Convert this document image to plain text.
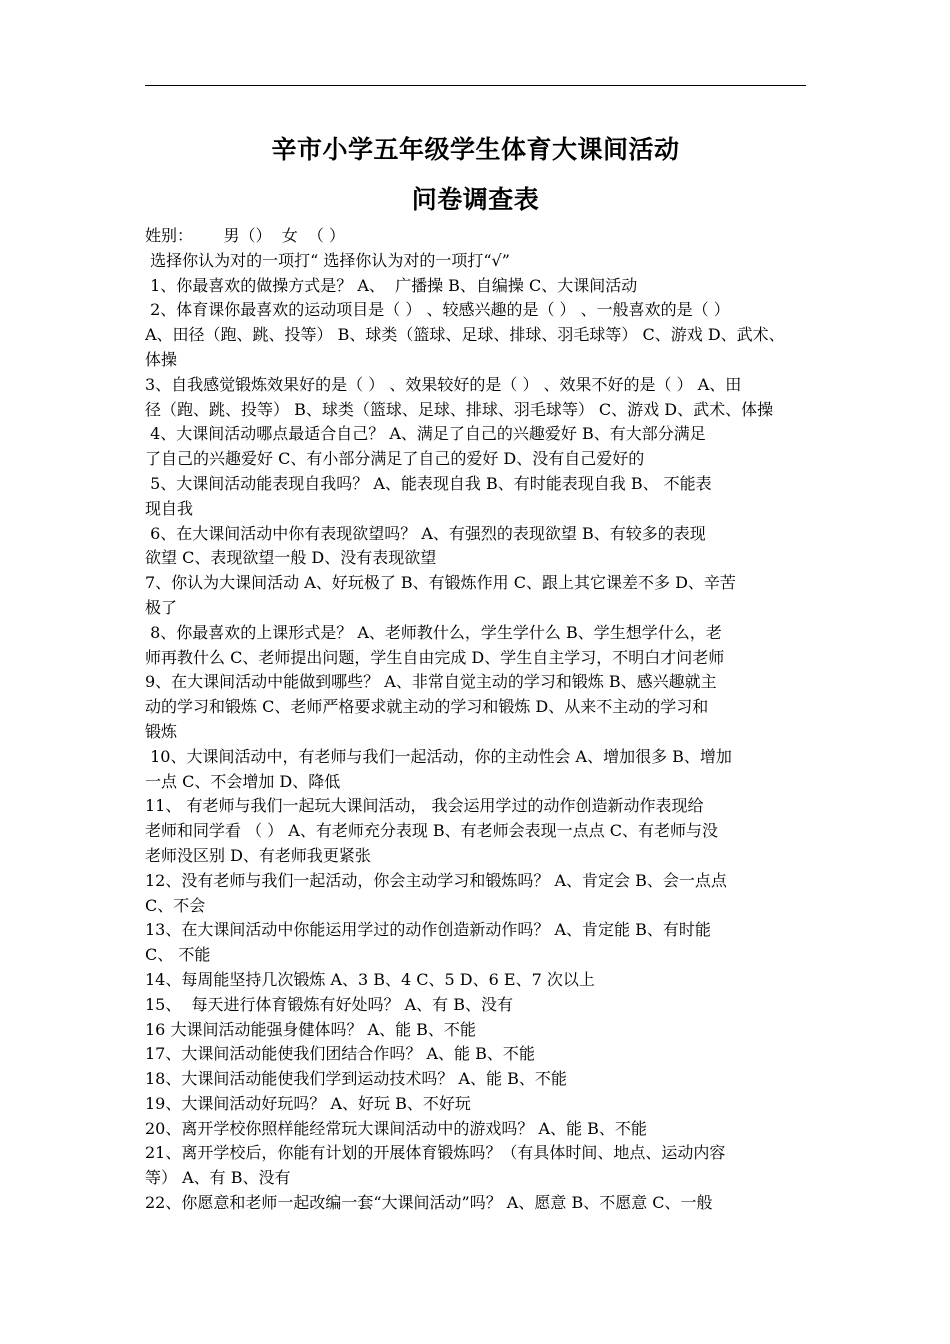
辛市小学五年级学生体育大课间活动
问卷调查表
姓别：      男（）  女  （ ）
选择你认为对的一项打“ 选择你认为对的一项打“√”
1、你最喜欢的做操方式是？ A、  广播操 B、自编操 C、大课间活动
2、体育课你最喜欢的运动项目是（ ） 、较感兴趣的是（ ） 、一般喜欢的是（ ）
A、田径（跑、跳、投等） B、球类（篮球、足球、排球、羽毛球等） C、游戏 D、武术、
体操
3、自我感觉锻炼效果好的是（ ） 、效果较好的是（ ） 、效果不好的是（ ） A、田
径（跑、跳、投等） B、球类（篮球、足球、排球、羽毛球等） C、游戏 D、武术、体操
4、大课间活动哪点最适合自己？ A、满足了自己的兴趣爱好 B、有大部分满足
了自己的兴趣爱好 C、有小部分满足了自己的爱好 D、没有自己爱好的
5、大课间活动能表现自我吗？ A、能表现自我 B、有时能表现自我 B、 不能表
现自我
6、在大课间活动中你有表现欲望吗？ A、有强烈的表现欲望 B、有较多的表现
欲望 C、表现欲望一般 D、没有表现欲望
7、你认为大课间活动 A、好玩极了 B、有锻炼作用 C、跟上其它课差不多 D、辛苦
极了
8、你最喜欢的上课形式是？ A、老师教什么，学生学什么 B、学生想学什么，老
师再教什么 C、老师提出问题，学生自由完成 D、学生自主学习，不明白才问老师
9、在大课间活动中能做到哪些？ A、非常自觉主动的学习和锻炼 B、感兴趣就主
动的学习和锻炼 C、老师严格要求就主动的学习和锻炼 D、从来不主动的学习和
锻炼
10、大课间活动中，有老师与我们一起活动，你的主动性会 A、增加很多 B、增加
一点 C、不会增加 D、降低
11、 有老师与我们一起玩大课间活动， 我会运用学过的动作创造新动作表现给
老师和同学看 （ ） A、有老师充分表现 B、有老师会表现一点点 C、有老师与没
老师没区别 D、有老师我更紧张
12、没有老师与我们一起活动，你会主动学习和锻炼吗？ A、肯定会 B、会一点点
C、不会
13、在大课间活动中你能运用学过的动作创造新动作吗？ A、肯定能 B、有时能
C、 不能
14、每周能坚持几次锻炼 A、3 B、4 C、5 D、6 E、7 次以上
15、  每天进行体育锻炼有好处吗？ A、有 B、没有
16 大课间活动能强身健体吗？ A、能 B、不能
17、大课间活动能使我们团结合作吗？ A、能 B、不能
18、大课间活动能使我们学到运动技术吗？ A、能 B、不能
19、大课间活动好玩吗？ A、好玩 B、不好玩
20、离开学校你照样能经常玩大课间活动中的游戏吗？ A、能 B、不能
21、离开学校后，你能有计划的开展体育锻炼吗？（有具体时间、地点、运动内容
等） A、有 B、没有
22、你愿意和老师一起改编一套“大课间活动”吗？ A、愿意 B、不愿意 C、一般
